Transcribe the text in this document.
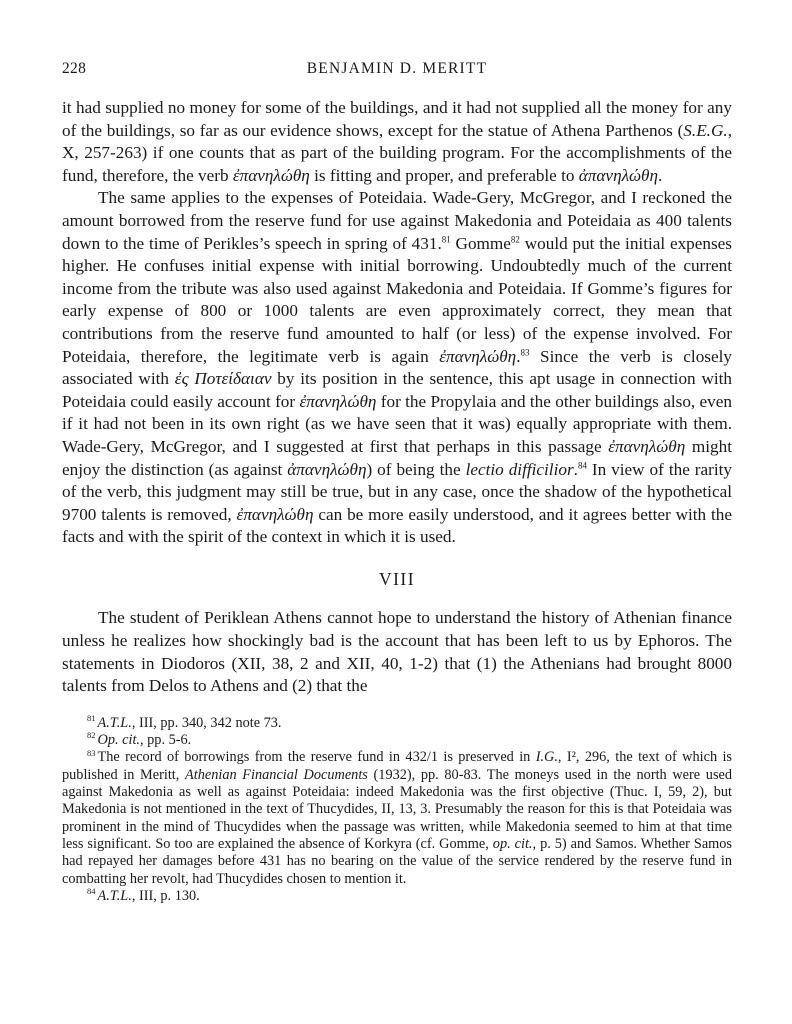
228	BENJAMIN D. MERITT

it had supplied no money for some of the buildings, and it had not supplied all the money for any of the buildings, so far as our evidence shows, except for the statue of Athena Parthenos (S.E.G., X, 257-263) if one counts that as part of the building program. For the accomplishments of the fund, therefore, the verb ἐπανηλώθη is fitting and proper, and preferable to ἀπανηλώθη.

The same applies to the expenses of Poteidaia. Wade-Gery, McGregor, and I reckoned the amount borrowed from the reserve fund for use against Makedonia and Poteidaia as 400 talents down to the time of Perikles’s speech in spring of 431.81 Gomme$^{82}$ would put the initial expenses higher. He confuses initial expense with initial borrowing. Undoubtedly much of the current income from the tribute was also used against Makedonia and Poteidaia. If Gomme’s figures for early expense of 800 or 1000 talents are even approximately correct, they mean that contributions from the reserve fund amounted to half (or less) of the expense involved. For Poteidaia, therefore, the legitimate verb is again ἐπανηλώθη.$^{83}$ Since the verb is closely associated with ἐς Ποτείδαιαν by its position in the sentence, this apt usage in connection with Poteidaia could easily account for ἐπανηλώθη for the Propylaia and the other buildings also, even if it had not been in its own right (as we have seen that it was) equally appropriate with them. Wade-Gery, McGregor, and I suggested at first that perhaps in this passage ἐπανηλώθη might enjoy the distinction (as against ἀπανηλώθη) of being the lectio difficilior.$^{84}$ In view of the rarity of the verb, this judgment may still be true, but in any case, once the shadow of the hypothetical 9700 talents is removed, ἐπανηλώθη can be more easily understood, and it agrees better with the facts and with the spirit of the context in which it is used.

VIII

The student of Periklean Athens cannot hope to understand the history of Athenian finance unless he realizes how shockingly bad is the account that has been left to us by Ephoros. The statements in Diodoros (XII, 38, 2 and XII, 40, 1-2) that (1) the Athenians had brought 8000 talents from Delos to Athens and (2) that the

$^{81}$ A.T.L., III, pp. 340, 342 note 73.

$^{82}$ Op. cit., pp. 5-6.

$^{83}$ The record of borrowings from the reserve fund in 432/1 is preserved in I.G., I², 296, the text of which is published in Meritt, Athenian Financial Documents (1932), pp. 80-83. The moneys used in the north were used against Makedonia as well as against Poteidaia: indeed Makedonia was the first objective (Thuc. I, 59, 2), but Makedonia is not mentioned in the text of Thucydides, II, 13, 3. Presumably the reason for this is that Poteidaia was prominent in the mind of Thucydides when the passage was written, while Makedonia seemed to him at that time less significant. So too are explained the absence of Korkyra (cf. Gomme, op. cit., p. 5) and Samos. Whether Samos had repayed her damages before 431 has no bearing on the value of the service rendered by the reserve fund in combatting her revolt, had Thucydides chosen to mention it.

$^{84}$ A.T.L., III, p. 130.
